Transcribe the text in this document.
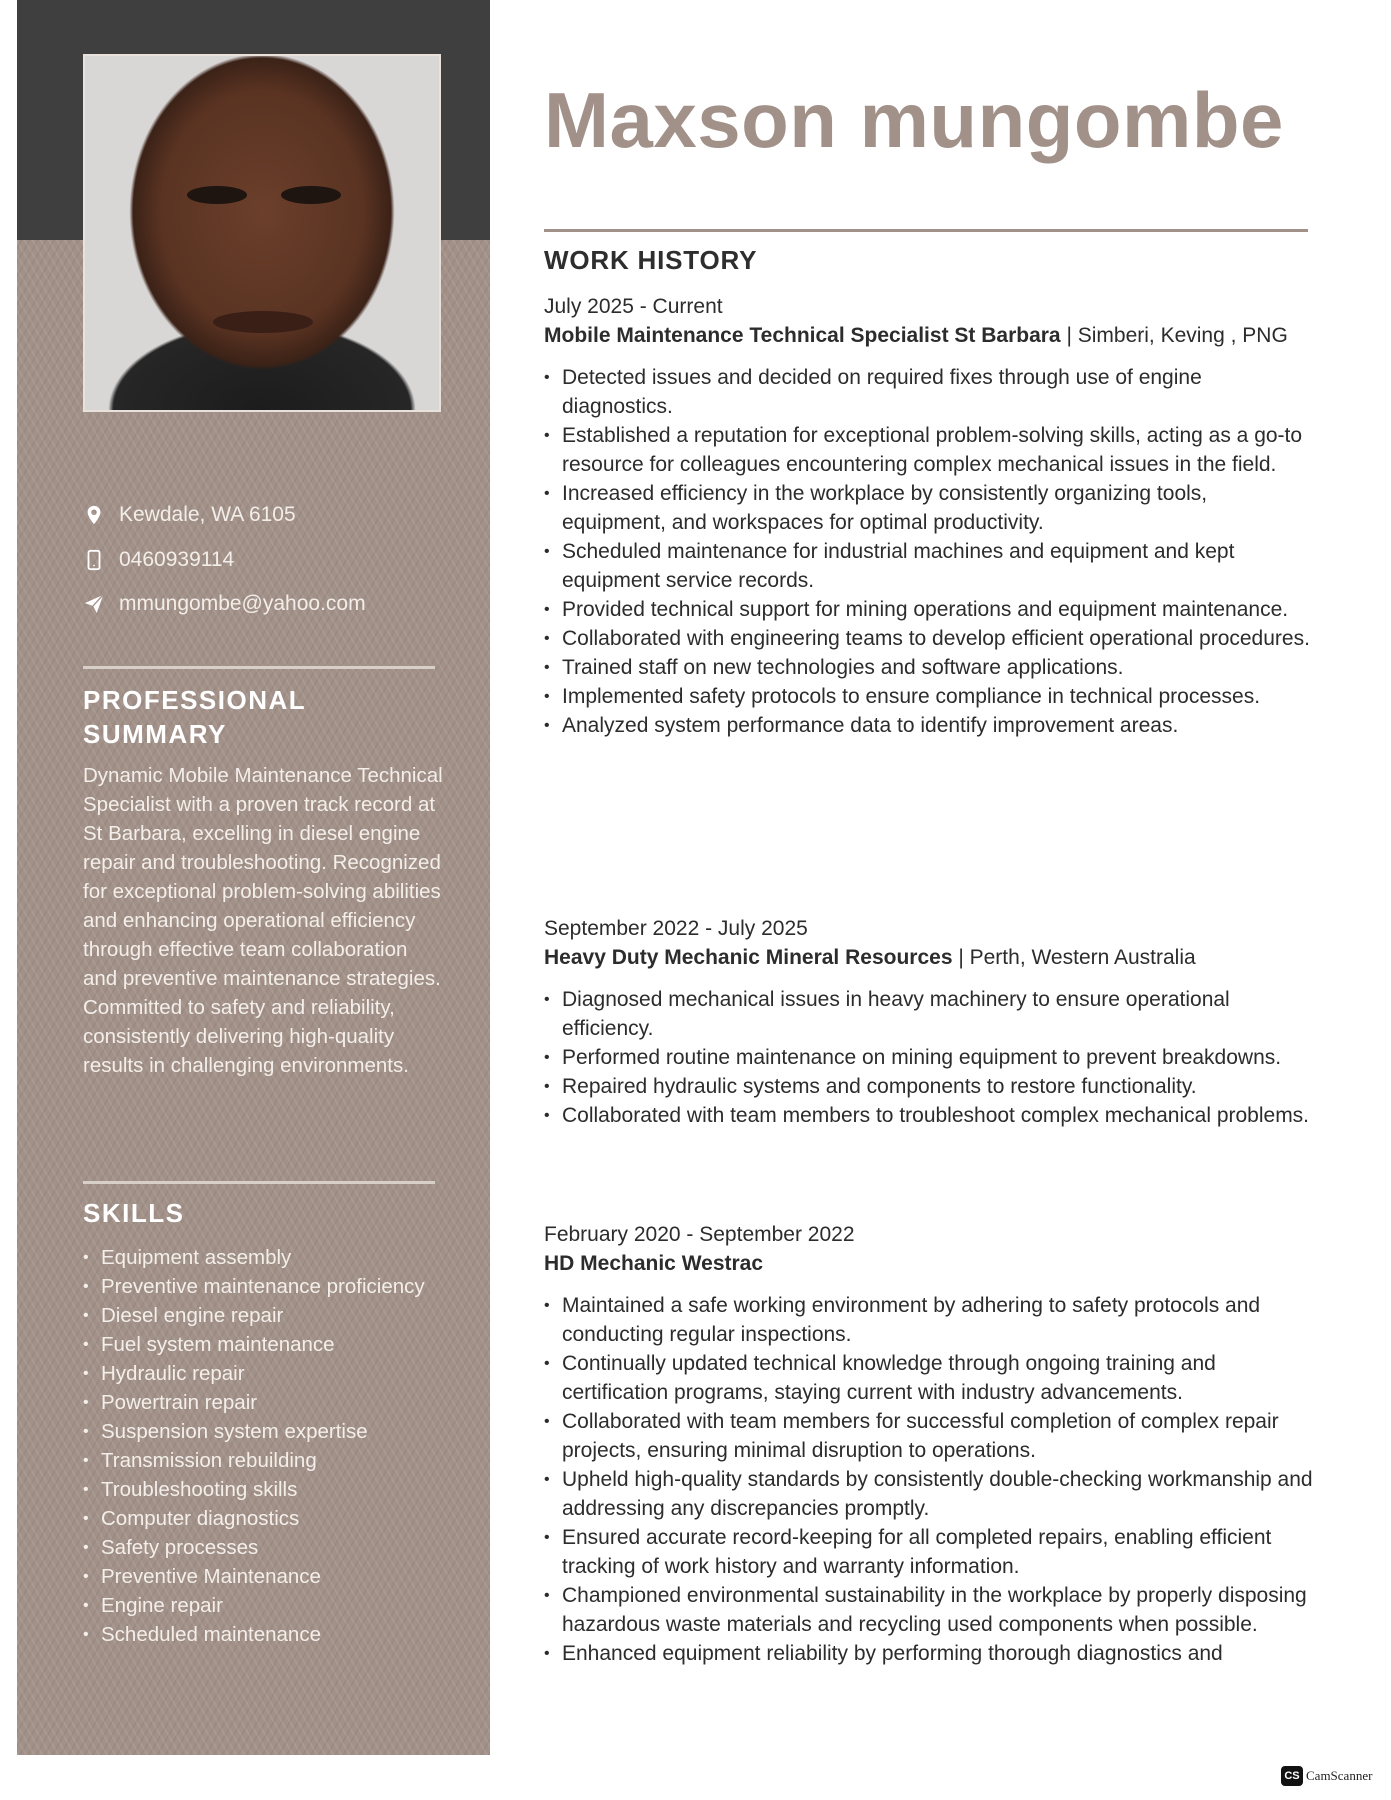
Kewdale, WA 6105
0460939114
mmungombe@yahoo.com
PROFESSIONAL SUMMARY
Dynamic Mobile Maintenance Technical Specialist with a proven track record at St Barbara, excelling in diesel engine repair and troubleshooting. Recognized for exceptional problem-solving abilities and enhancing operational efficiency through effective team collaboration and preventive maintenance strategies. Committed to safety and reliability, consistently delivering high-quality results in challenging environments.
SKILLS
• Equipment assembly
• Preventive maintenance proficiency
• Diesel engine repair
• Fuel system maintenance
• Hydraulic repair
• Powertrain repair
• Suspension system expertise
• Transmission rebuilding
• Troubleshooting skills
• Computer diagnostics
• Safety processes
• Preventive Maintenance
• Engine repair
• Scheduled maintenance
Maxson mungombe
WORK HISTORY
July 2025 - Current
Mobile Maintenance Technical Specialist St Barbara | Simberi, Keving , PNG
• Detected issues and decided on required fixes through use of engine diagnostics.
• Established a reputation for exceptional problem-solving skills, acting as a go-to resource for colleagues encountering complex mechanical issues in the field.
• Increased efficiency in the workplace by consistently organizing tools, equipment, and workspaces for optimal productivity.
• Scheduled maintenance for industrial machines and equipment and kept equipment service records.
• Provided technical support for mining operations and equipment maintenance.
• Collaborated with engineering teams to develop efficient operational procedures.
• Trained staff on new technologies and software applications.
• Implemented safety protocols to ensure compliance in technical processes.
• Analyzed system performance data to identify improvement areas.
September 2022 - July 2025
Heavy Duty Mechanic Mineral Resources | Perth, Western Australia
• Diagnosed mechanical issues in heavy machinery to ensure operational efficiency.
• Performed routine maintenance on mining equipment to prevent breakdowns.
• Repaired hydraulic systems and components to restore functionality.
• Collaborated with team members to troubleshoot complex mechanical problems.
February 2020 - September 2022
HD Mechanic Westrac
• Maintained a safe working environment by adhering to safety protocols and conducting regular inspections.
• Continually updated technical knowledge through ongoing training and certification programs, staying current with industry advancements.
• Collaborated with team members for successful completion of complex repair projects, ensuring minimal disruption to operations.
• Upheld high-quality standards by consistently double-checking workmanship and addressing any discrepancies promptly.
• Ensured accurate record-keeping for all completed repairs, enabling efficient tracking of work history and warranty information.
• Championed environmental sustainability in the workplace by properly disposing hazardous waste materials and recycling used components when possible.
• Enhanced equipment reliability by performing thorough diagnostics and
CS CamScanner
